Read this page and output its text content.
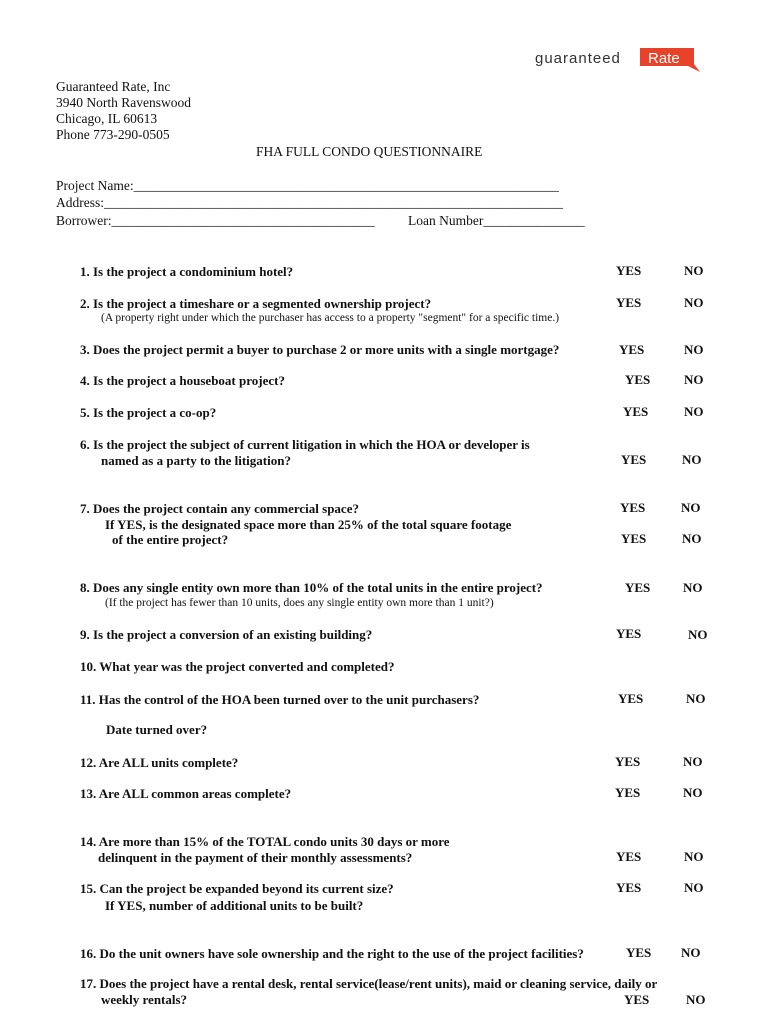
guaranteed Rate
Guaranteed Rate, Inc
3940 North Ravenswood
Chicago, IL 60613
Phone 773-290-0505
FHA FULL CONDO QUESTIONNAIRE
Project Name:_______________________________________________________________
Address:____________________________________________________________________
Borrower:_______________________________________ Loan Number_______________
1. Is the project a condominium hotel?	YES	NO
2. Is the project a timeshare or a segmented ownership project?
(A property right under which the purchaser has access to a property "segment" for a specific time.)
YES	NO
3. Does the project permit a buyer to purchase 2 or more units with a single mortgage?	YES	NO
4. Is the project a houseboat project?	YES	NO
5. Is the project a co-op?	YES	NO
6. Is the project the subject of current litigation in which the HOA or developer is
named as a party to the litigation?	YES	NO
7. Does the project contain any commercial space?	YES	NO
If YES, is the designated space more than 25% of the total square footage
of the entire project?	YES	NO
8. Does any single entity own more than 10% of the total units in the entire project?
(If the project has fewer than 10 units, does any single entity own more than 1 unit?)
YES	NO
9. Is the project a conversion of an existing building?	YES	NO
10. What year was the project converted and completed?
11. Has the control of the HOA been turned over to the unit purchasers?	YES	NO
Date turned over?
12. Are ALL units complete?	YES	NO
13. Are ALL common areas complete?	YES	NO
14. Are more than 15% of the TOTAL condo units 30 days or more
delinquent in the payment of their monthly assessments?	YES	NO
15. Can the project be expanded beyond its current size?	YES	NO
If YES, number of additional units to be built?
16. Do the unit owners have sole ownership and the right to the use of the project facilities?	YES NO
17. Does the project have a rental desk, rental service(lease/rent units), maid or cleaning service, daily or
weekly rentals?	YES	NO
